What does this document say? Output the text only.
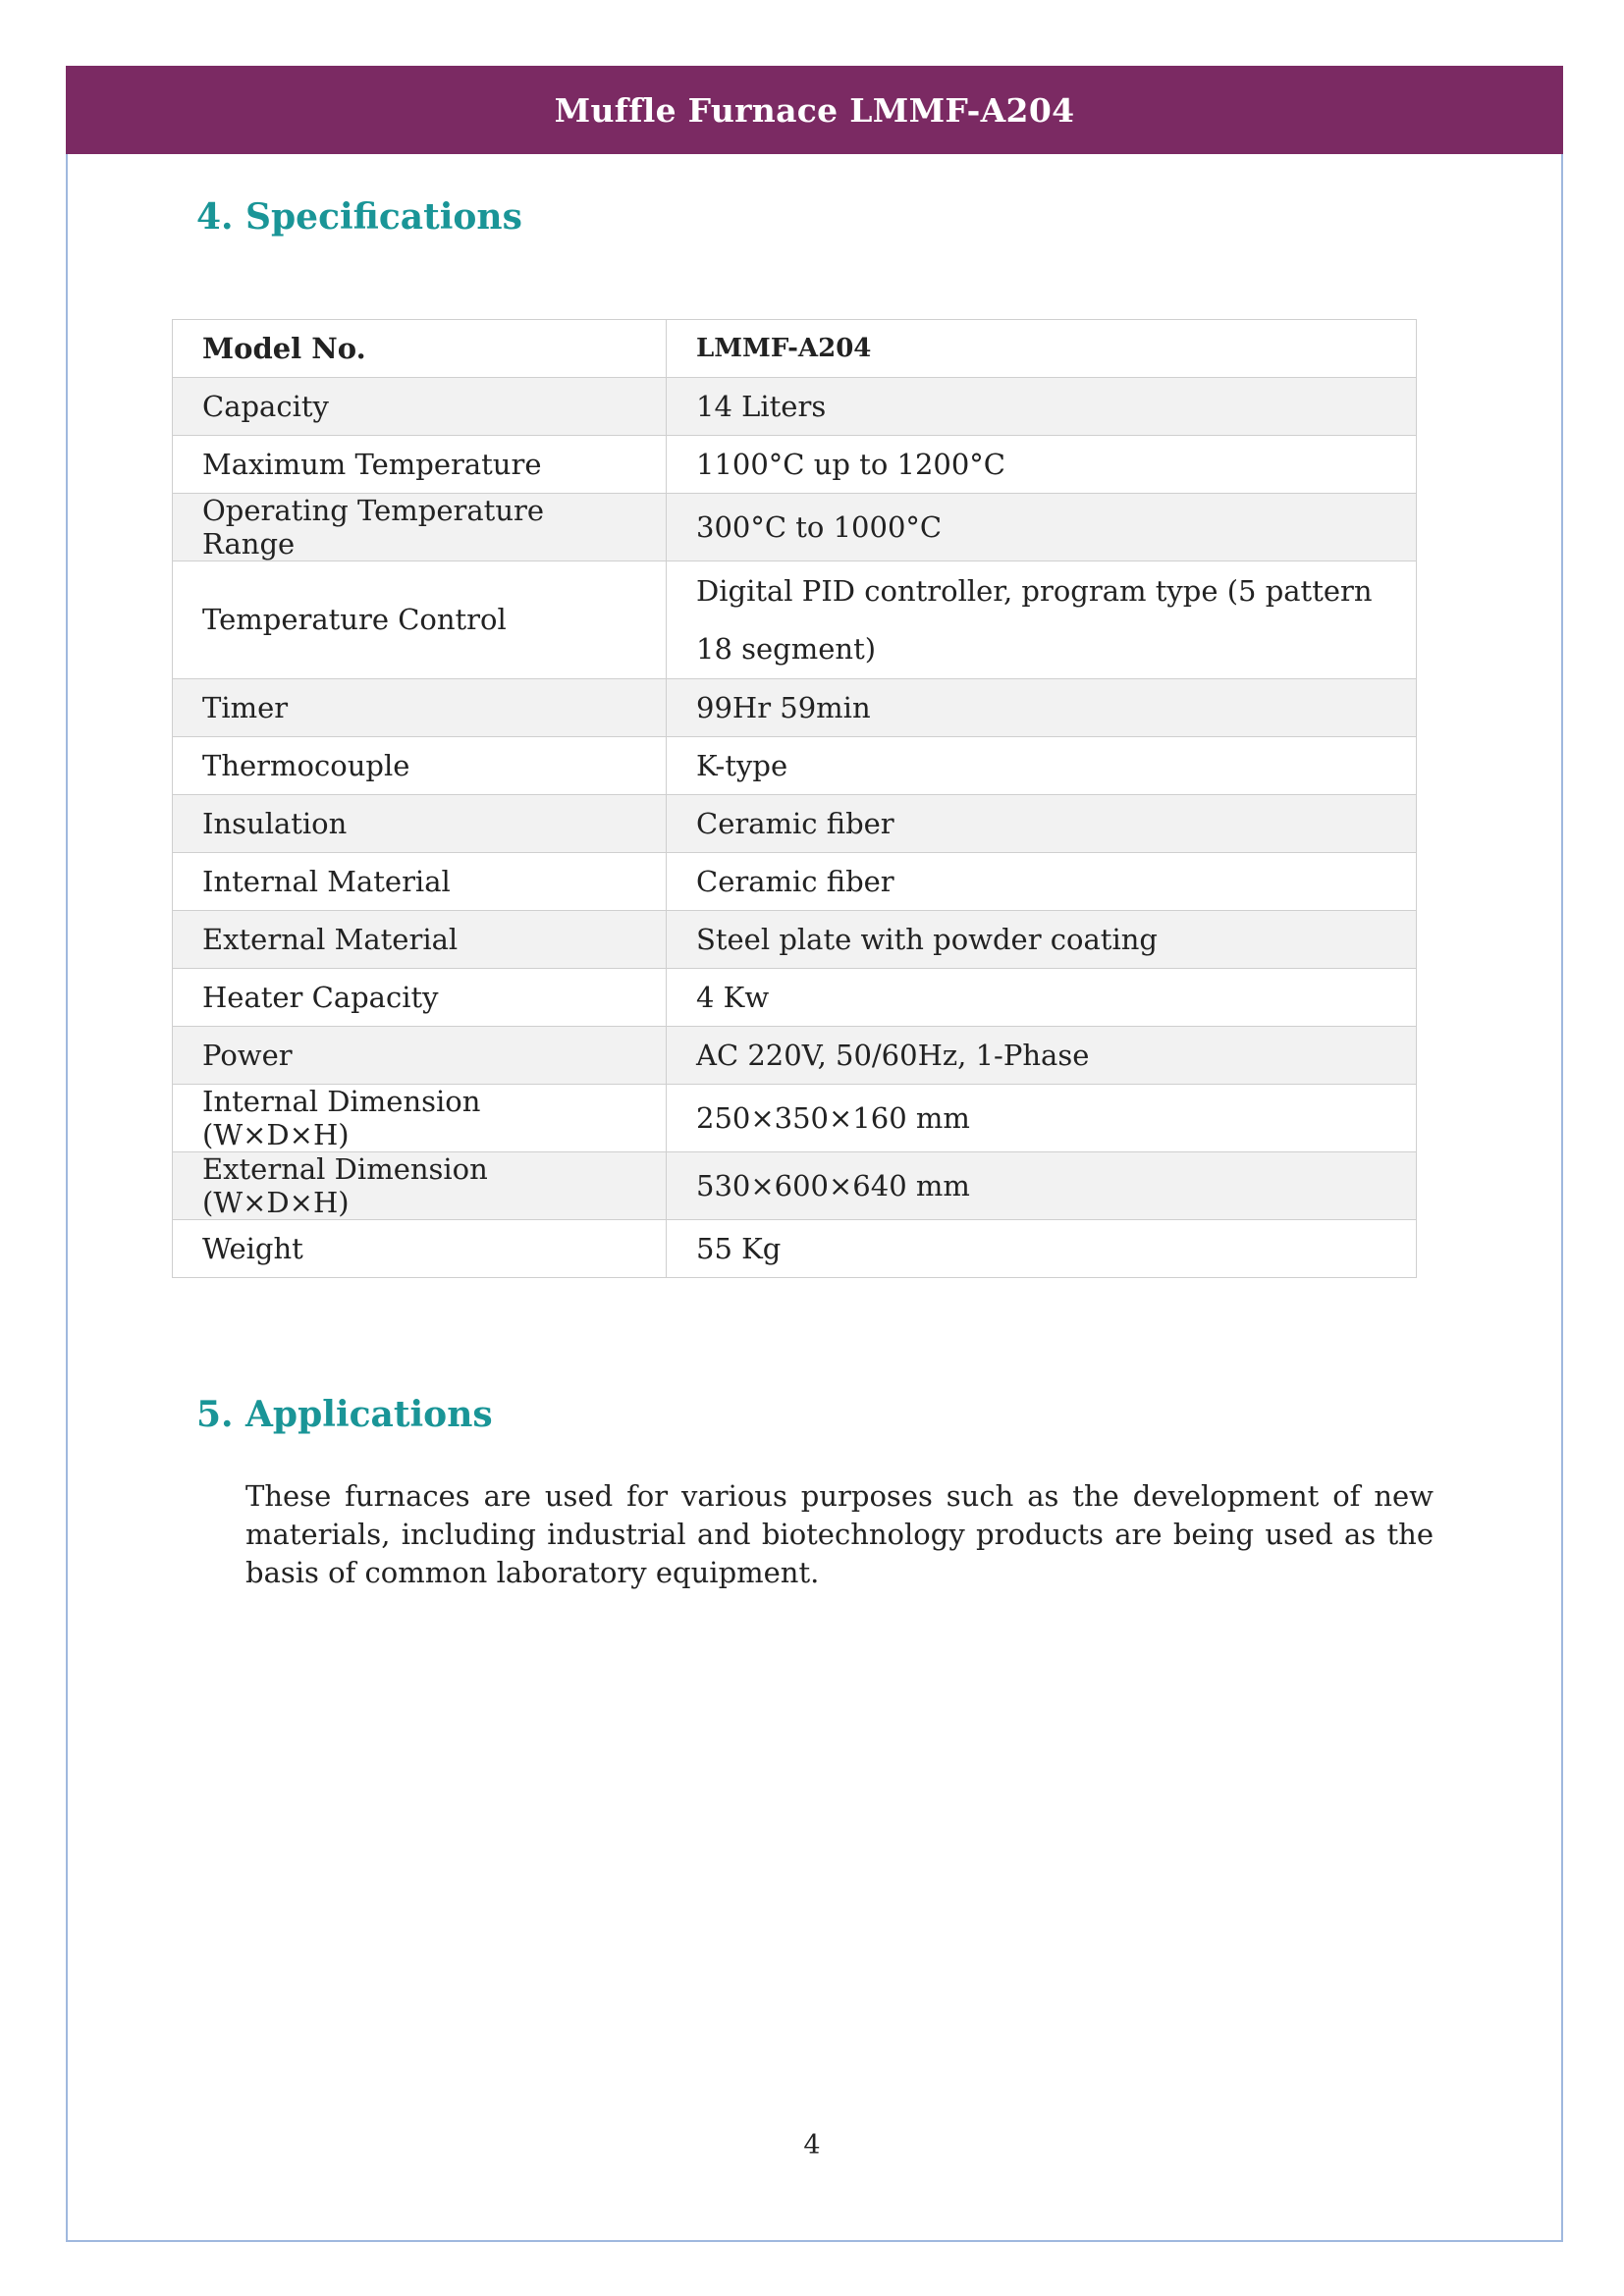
Muffle Furnace LMMF-A204
4. Specifications
Model No.	LMMF-A204
Capacity	14 Liters
Maximum Temperature	1100°C up to 1200°C
Operating Temperature Range	300°C to 1000°C
Temperature Control	Digital PID controller, program type (5 pattern 18 segment)
Timer	99Hr 59min
Thermocouple	K-type
Insulation	Ceramic fiber
Internal Material	Ceramic fiber
External Material	Steel plate with powder coating
Heater Capacity	4 Kw
Power	AC 220V, 50/60Hz, 1-Phase
Internal Dimension (W×D×H)	250×350×160 mm
External Dimension (W×D×H)	530×600×640 mm
Weight	55 Kg
5. Applications

These furnaces are used for various purposes such as the development of new materials, including industrial and biotechnology products are being used as the basis of common laboratory equipment.

4
